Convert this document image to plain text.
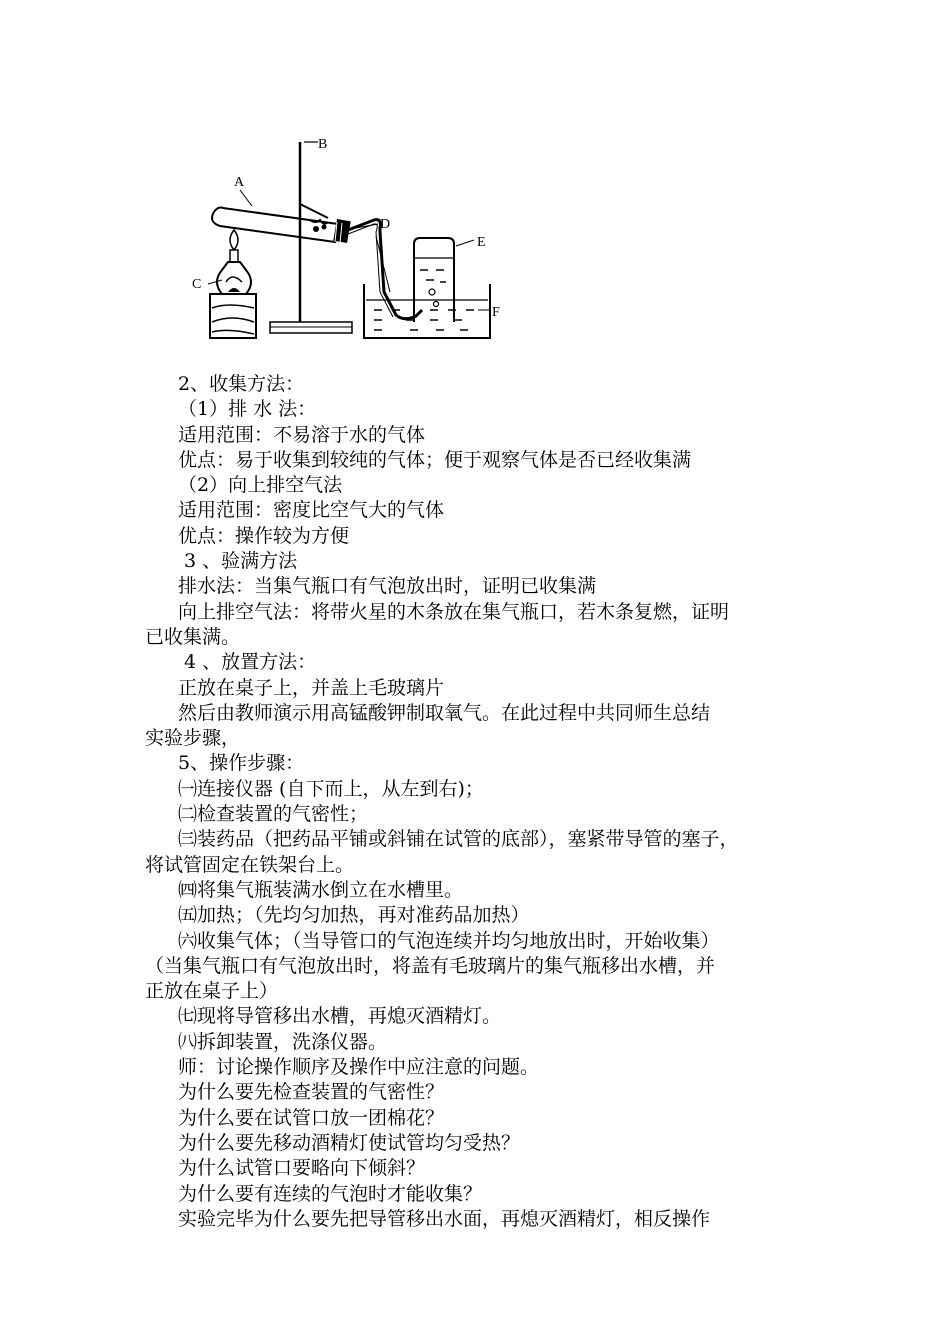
A
B
C
D
E
F
2、收集方法：
（1）排 水 法：
适用范围：不易溶于水的气体
优点：易于收集到较纯的气体；便于观察气体是否已经收集满
（2）向上排空气法
适用范围：密度比空气大的气体
优点：操作较为方便
3 、验满方法
排水法：当集气瓶口有气泡放出时，证明已收集满
向上排空气法：将带火星的木条放在集气瓶口，若木条复燃，证明
已收集满。
4 、放置方法：
正放在桌子上，并盖上毛玻璃片
然后由教师演示用高锰酸钾制取氧气。在此过程中共同师生总结
实验步骤，
5、操作步骤：
㈠连接仪器 (自下而上，从左到右)；
㈡检查装置的气密性；
㈢装药品（把药品平铺或斜铺在试管的底部），塞紧带导管的塞子，
将试管固定在铁架台上。
㈣将集气瓶装满水倒立在水槽里。
㈤加热；（先均匀加热，再对准药品加热）
㈥收集气体；（当导管口的气泡连续并均匀地放出时，开始收集）
（当集气瓶口有气泡放出时，将盖有毛玻璃片的集气瓶移出水槽，并
正放在桌子上）
㈦现将导管移出水槽，再熄灭酒精灯。
㈧拆卸装置，洗涤仪器。
师：讨论操作顺序及操作中应注意的问题。
为什么要先检查装置的气密性？
为什么要在试管口放一团棉花？
为什么要先移动酒精灯使试管均匀受热？
为什么试管口要略向下倾斜？
为什么要有连续的气泡时才能收集？
实验完毕为什么要先把导管移出水面，再熄灭酒精灯，相反操作
